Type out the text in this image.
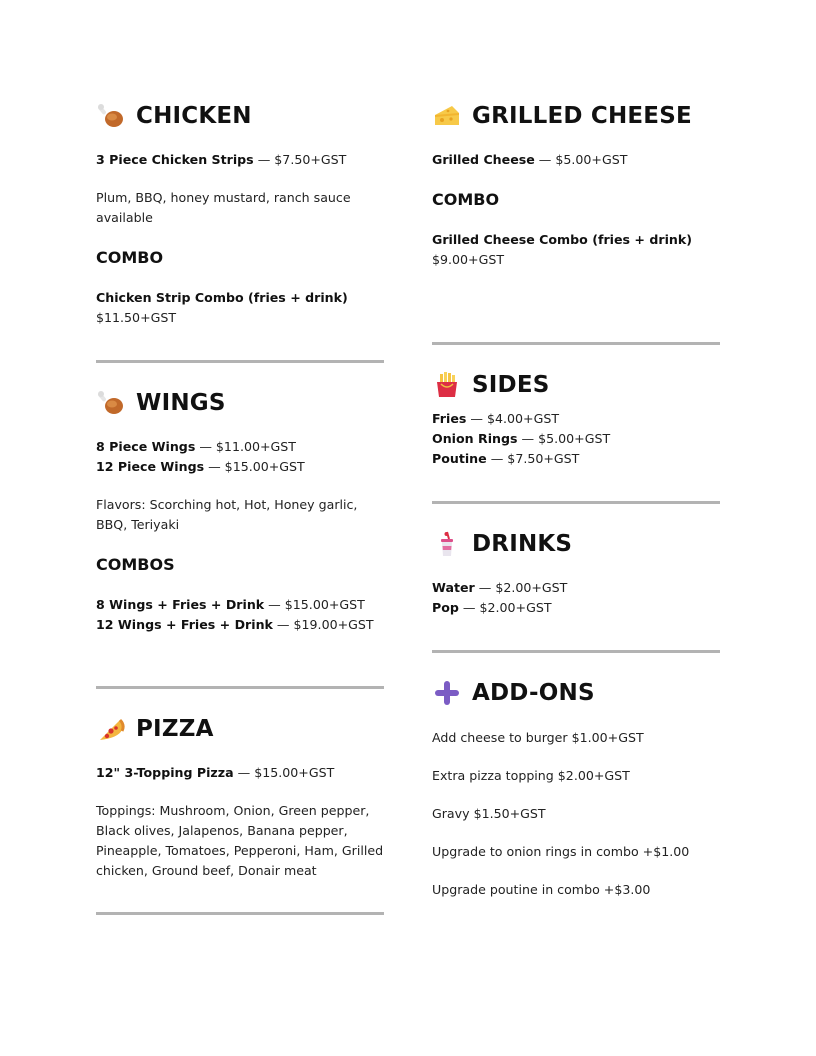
CHICKEN

3 Piece Chicken Strips — $7.50+GST

Plum, BBQ, honey mustard, ranch sauce available

COMBO

Chicken Strip Combo (fries + drink)

$11.50+GST

WINGS

8 Piece Wings — $11.00+GST

12 Piece Wings — $15.00+GST

Flavors: Scorching hot, Hot, Honey garlic, BBQ, Teriyaki

COMBOS

8 Wings + Fries + Drink — $15.00+GST

12 Wings + Fries + Drink — $19.00+GST

PIZZA

12" 3-Topping Pizza — $15.00+GST

Toppings: Mushroom, Onion, Green pepper, Black olives, Jalapenos, Banana pepper, Pineapple, Tomatoes, Pepperoni, Ham, Grilled chicken, Ground beef, Donair meat

GRILLED CHEESE

Grilled Cheese — $5.00+GST

COMBO

Grilled Cheese Combo (fries + drink)

$9.00+GST

SIDES

Fries — $4.00+GST

Onion Rings — $5.00+GST

Poutine — $7.50+GST

DRINKS

Water — $2.00+GST

Pop — $2.00+GST

ADD-ONS

Add cheese to burger $1.00+GST

Extra pizza topping $2.00+GST

Gravy $1.50+GST

Upgrade to onion rings in combo +$1.00

Upgrade poutine in combo +$3.00
